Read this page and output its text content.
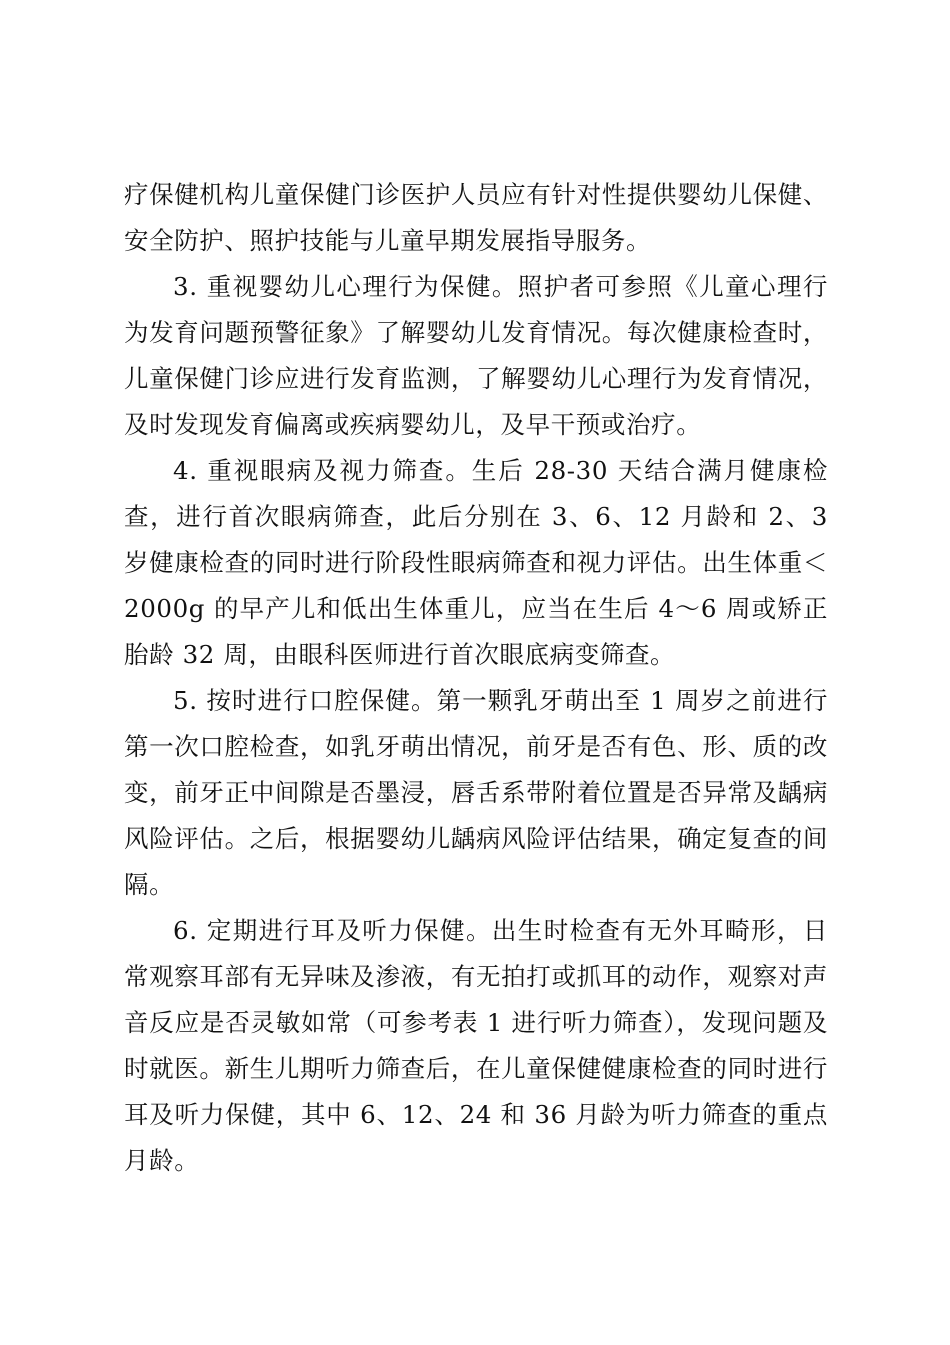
疗保健机构儿童保健门诊医护人员应有针对性提供婴幼儿保健、安全防护、照护技能与儿童早期发展指导服务。

3. 重视婴幼儿心理行为保健。照护者可参照《儿童心理行为发育问题预警征象》了解婴幼儿发育情况。每次健康检查时，儿童保健门诊应进行发育监测，了解婴幼儿心理行为发育情况，及时发现发育偏离或疾病婴幼儿，及早干预或治疗。

4. 重视眼病及视力筛查。生后 28-30 天结合满月健康检查，进行首次眼病筛查，此后分别在 3、6、12 月龄和 2、3 岁健康检查的同时进行阶段性眼病筛查和视力评估。出生体重＜2000g 的早产儿和低出生体重儿，应当在生后 4～6 周或矫正胎龄 32 周，由眼科医师进行首次眼底病变筛查。

5. 按时进行口腔保健。第一颗乳牙萌出至 1 周岁之前进行第一次口腔检查，如乳牙萌出情况，前牙是否有色、形、质的改变，前牙正中间隙是否墨浸，唇舌系带附着位置是否异常及龋病风险评估。之后，根据婴幼儿龋病风险评估结果，确定复查的间隔。

6. 定期进行耳及听力保健。出生时检查有无外耳畸形，日常观察耳部有无异味及渗液，有无拍打或抓耳的动作，观察对声音反应是否灵敏如常（可参考表 1 进行听力筛查），发现问题及时就医。新生儿期听力筛查后，在儿童保健健康检查的同时进行耳及听力保健，其中 6、12、24 和 36 月龄为听力筛查的重点月龄。
